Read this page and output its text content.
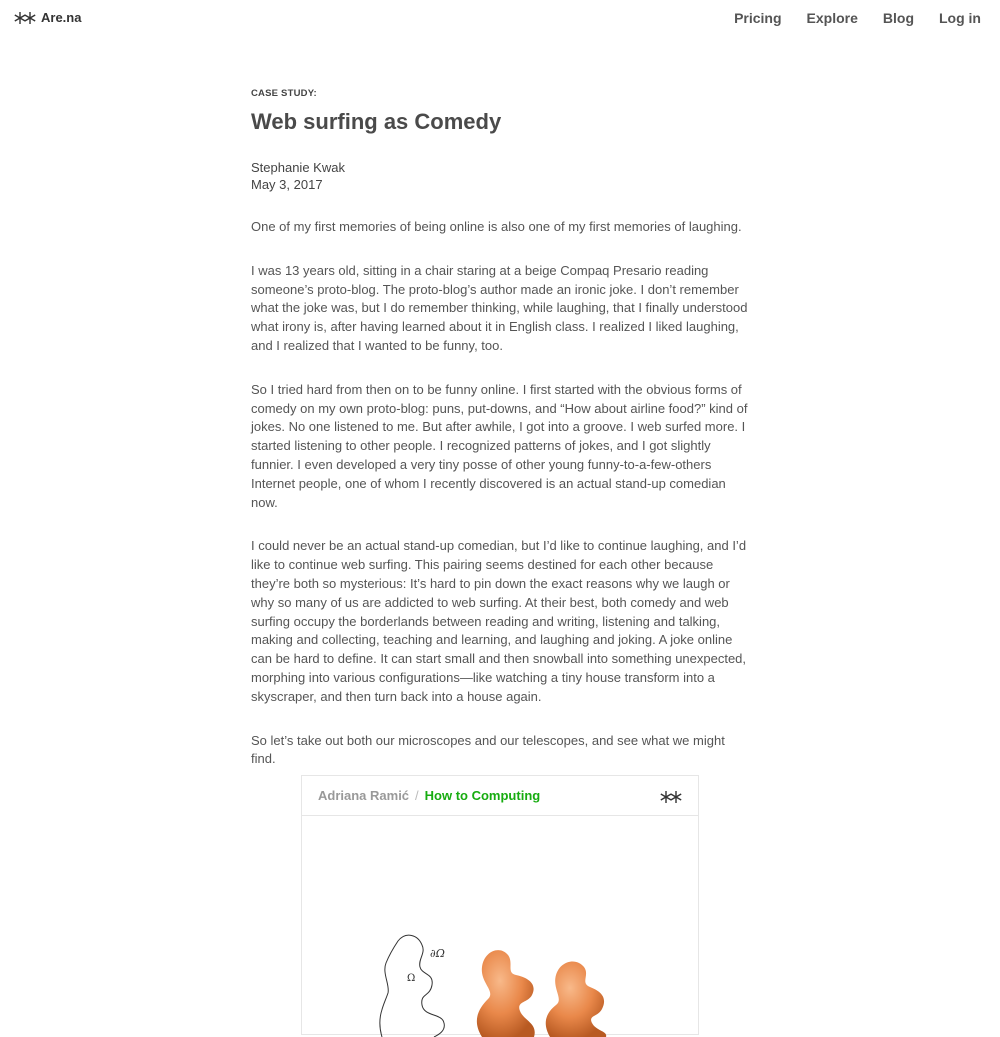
Are.na	Pricing Explore Blog Log in
CASE STUDY:
Web surfing as Comedy
Stephanie Kwak
May 3, 2017

One of my first memories of being online is also one of my first memories of laughing.

I was 13 years old, sitting in a chair staring at a beige Compaq Presario reading someone’s proto-blog. The proto-blog’s author made an ironic joke. I don’t remember what the joke was, but I do remember thinking, while laughing, that I finally understood what irony is, after having learned about it in English class. I realized I liked laughing, and I realized that I wanted to be funny, too.

So I tried hard from then on to be funny online. I first started with the obvious forms of comedy on my own proto-blog: puns, put-downs, and “How about airline food?” kind of jokes. No one listened to me. But after awhile, I got into a groove. I web surfed more. I started listening to other people. I recognized patterns of jokes, and I got slightly funnier. I even developed a very tiny posse of other young funny-to-a-few-others Internet people, one of whom I recently discovered is an actual stand-up comedian now.

I could never be an actual stand-up comedian, but I’d like to continue laughing, and I’d like to continue web surfing. This pairing seems destined for each other because they’re both so mysterious: It’s hard to pin down the exact reasons why we laugh or why so many of us are addicted to web surfing. At their best, both comedy and web surfing occupy the borderlands between reading and writing, listening and talking, making and collecting, teaching and learning, and laughing and joking. A joke online can be hard to define. It can start small and then snowball into something unexpected, morphing into various configurations—like watching a tiny house transform into a skyscraper, and then turn back into a house again.

So let’s take out both our microscopes and our telescopes, and see what we might find.

Adriana Ramić / How to Computing
∂Ω
Ω
